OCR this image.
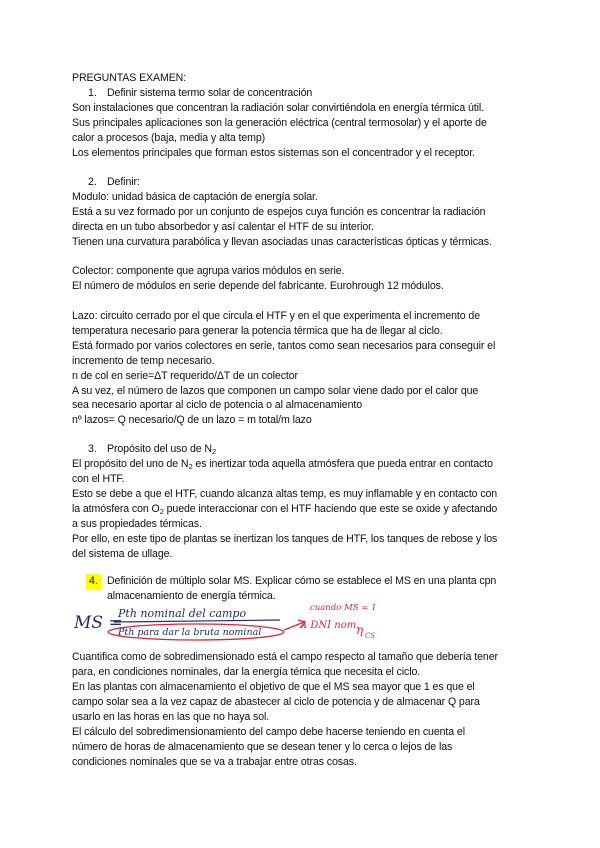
PREGUNTAS EXAMEN:
1. Definir sistema termo solar de concentración
Son instalaciones que concentran la radiación solar convirtiéndola en energía térmica útil.
Sus principales aplicaciones son la generación eléctrica (central termosolar) y el aporte de
calor a procesos (baja, media y alta temp)
Los elementos principales que forman estos sistemas son el concentrador y el receptor.
2. Definir:
Modulo: unidad básica de captación de energía solar.
Está a su vez formado por un conjunto de espejos cuya función es concentrar la radiación
directa en un tubo absorbedor y así calentar el HTF de su interior.
Tienen una curvatura parabólica y llevan asociadas unas características ópticas y térmicas.
Colector: componente que agrupa varios módulos en serie.
El número de módulos en serie depende del fabricante. Eurohrough 12 módulos.
Lazo: circuito cerrado por el que circula el HTF y en el que experimenta el incremento de
temperatura necesario para generar la potencia térmica que ha de llegar al ciclo.
Está formado por varios colectores en serie, tantos como sean necesarios para conseguir el
incremento de temp necesario.
n de col en serie=ΔT requerido/ΔT de un colector
A su vez, el número de lazos que componen un campo solar viene dado por el calor que
sea necesario aportar al ciclo de potencia o al almacenamiento
nº lazos= Q necesario/Q de un lazo = m total/m lazo
3. Propósito del uso de $N_2$
El propósito del uno de $N_2$ es inertizar toda aquella atmósfera que pueda entrar en contacto
con el HTF.
Esto se debe a que el HTF, cuando alcanza altas temp, es muy inflamable y en contacto con
la atmósfera con $O_2$ puede interaccionar con el HTF haciendo que este se oxide y afectando
a sus propiedades térmicas.
Por ello, en este tipo de plantas se inertizan los tanques de HTF, los tanques de rebose y los
del sistema de ullage.
4. Definición de múltiplo solar MS. Explicar cómo se establece el MS en una planta cpn
almacenamiento de energía térmica.
MS =
Pth nominal del campo
Pth para dar la bruta nominal
cuando MS = 1
A DNI nom.
η CS
Cuantifica como de sobredimensionado está el campo respecto al tamaño que debería tener
para, en condiciones nominales, dar la energía témica que necesita el ciclo.
En las plantas con almacenamiento el objetivo de que el MS sea mayor que 1 es que el
campo solar sea a la vez capaz de abastecer al ciclo de potencia y de almacenar Q para
usarlo en las horas en las que no haya sol.
El cálculo del sobredimensionamiento del campo debe hacerse teniendo en cuenta el
número de horas de almacenamiento que se desean tener y lo cerca o lejos de las
condiciones nominales que se va a trabajar entre otras cosas.
